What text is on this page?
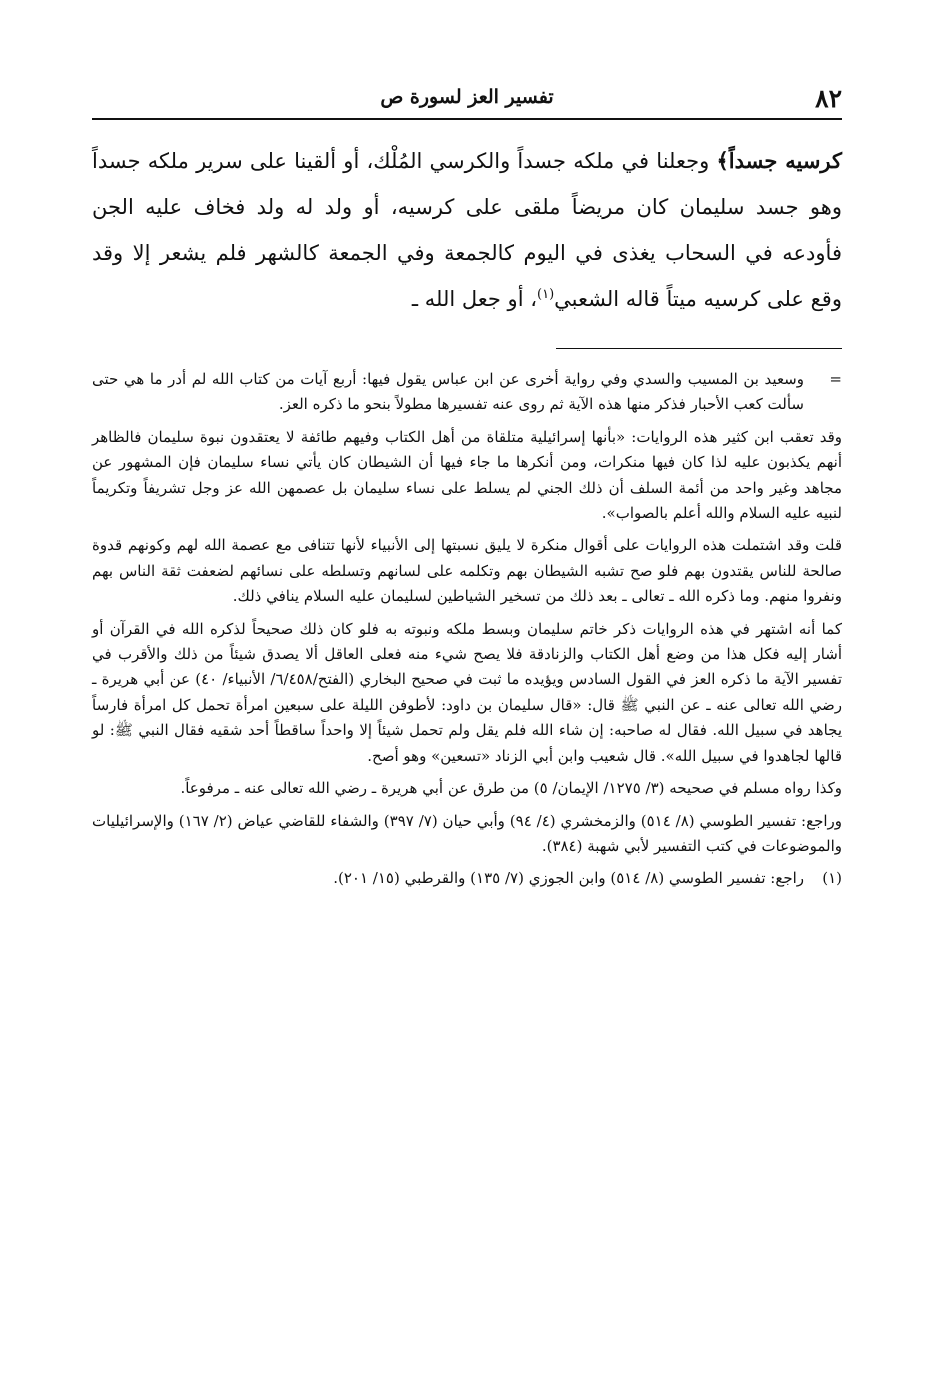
٨٢
تفسير العز لسورة ص
كرسيه جسداً﴾ وجعلنا في ملكه جسداً والكرسي المُلْك، أو ألقينا على سرير ملكه جسداً وهو جسد سليمان كان مريضاً ملقى على كرسيه، أو ولد له ولد فخاف عليه الجن فأودعه في السحاب يغذى في اليوم كالجمعة وفي الجمعة كالشهر فلم يشعر إلا وقد وقع على كرسيه ميتاً قاله الشعبي$^{(١)}$، أو جعل الله ـ
=
وسعيد بن المسيب والسدي وفي رواية أخرى عن ابن عباس يقول فيها: أربع آيات من كتاب الله لم أدر ما هي حتى سألت كعب الأحبار فذكر منها هذه الآية ثم روى عنه تفسيرها مطولاً بنحو ما ذكره العز.
وقد تعقب ابن كثير هذه الروايات: «بأنها إسرائيلية متلقاة من أهل الكتاب وفيهم طائفة لا يعتقدون نبوة سليمان فالظاهر أنهم يكذبون عليه لذا كان فيها منكرات، ومن أنكرها ما جاء فيها أن الشيطان كان يأتي نساء سليمان فإن المشهور عن مجاهد وغير واحد من أئمة السلف أن ذلك الجني لم يسلط على نساء سليمان بل عصمهن الله عز وجل تشريفاً وتكريماً لنبيه عليه السلام والله أعلم بالصواب».
قلت وقد اشتملت هذه الروايات على أقوال منكرة لا يليق نسبتها إلى الأنبياء لأنها تتنافى مع عصمة الله لهم وكونهم قدوة صالحة للناس يقتدون بهم فلو صح تشبه الشيطان بهم وتكلمه على لسانهم وتسلطه على نسائهم لضعفت ثقة الناس بهم ونفروا منهم. وما ذكره الله ـ تعالى ـ بعد ذلك من تسخير الشياطين لسليمان عليه السلام ينافي ذلك.
كما أنه اشتهر في هذه الروايات ذكر خاتم سليمان وبسط ملكه ونبوته به فلو كان ذلك صحيحاً لذكره الله في القرآن أو أشار إليه فكل هذا من وضع أهل الكتاب والزنادقة فلا يصح شيء منه فعلى العاقل ألا يصدق شيئاً من ذلك والأقرب في تفسير الآية ما ذكره العز في القول السادس ويؤيده ما ثبت في صحيح البخاري (الفتح/٦/٤٥٨/ الأنبياء/ ٤٠) عن أبي هريرة ـ رضي الله تعالى عنه ـ عن النبي ﷺ قال: «قال سليمان بن داود: لأطوفن الليلة على سبعين امرأة تحمل كل امرأة فارساً يجاهد في سبيل الله. فقال له صاحبه: إن شاء الله فلم يقل ولم تحمل شيئاً إلا واحداً ساقطاً أحد شقيه فقال النبي ﷺ: لو قالها لجاهدوا في سبيل الله». قال شعيب وابن أبي الزناد «تسعين» وهو أصح.
وكذا رواه مسلم في صحيحه (٣/ ١٢٧٥/ الإيمان/ ٥) من طرق عن أبي هريرة ـ رضي الله تعالى عنه ـ مرفوعاً.
وراجع: تفسير الطوسي (٨/ ٥١٤) والزمخشري (٤/ ٩٤) وأبي حيان (٧/ ٣٩٧) والشفاء للقاضي عياض (٢/ ١٦٧) والإسرائيليات والموضوعات في كتب التفسير لأبي شهبة (٣٨٤).
(١)
راجع: تفسير الطوسي (٨/ ٥١٤) وابن الجوزي (٧/ ١٣٥) والقرطبي (١٥/ ٢٠١).
